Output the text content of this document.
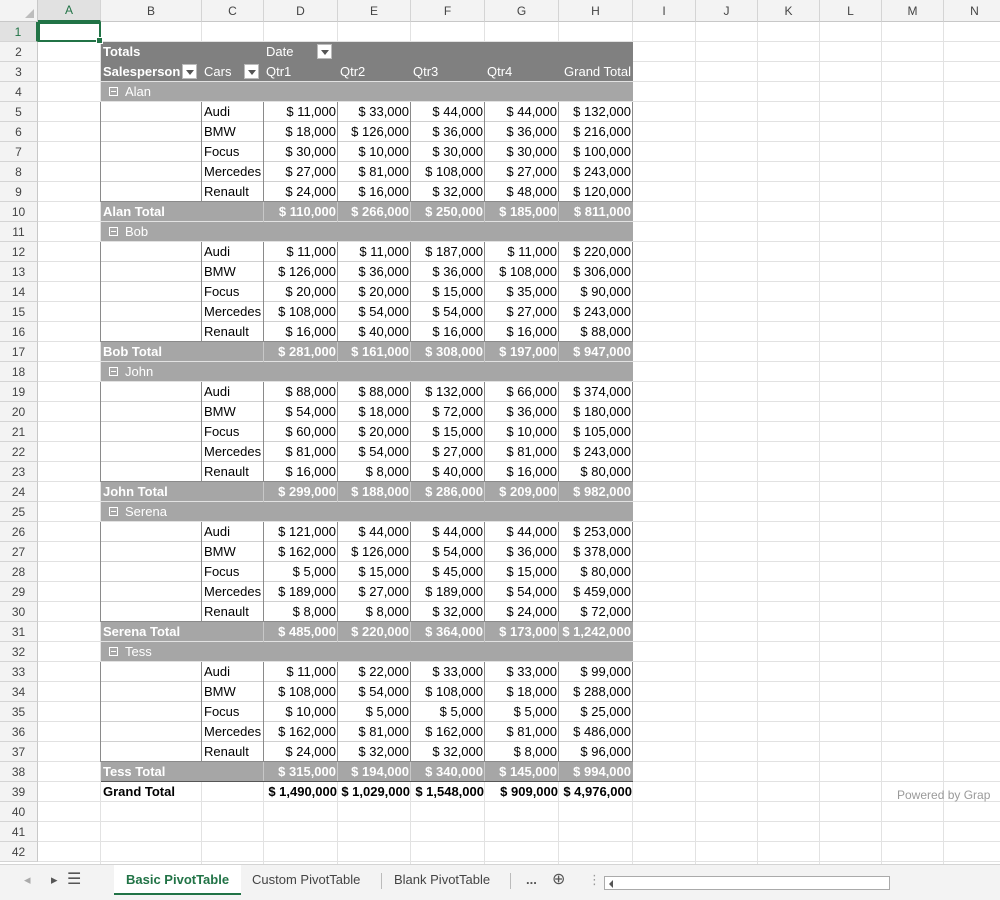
Totals	Date
Salesperson	Cars	Qtr1	Qtr2	Qtr3	Qtr4	Grand Total
Alan
Audi	$ 11,000	$ 33,000	$ 44,000	$ 44,000	$ 132,000
BMW	$ 18,000	$ 126,000	$ 36,000	$ 36,000	$ 216,000
Focus	$ 30,000	$ 10,000	$ 30,000	$ 30,000	$ 100,000
Mercedes	$ 27,000	$ 81,000	$ 108,000	$ 27,000	$ 243,000
Renault	$ 24,000	$ 16,000	$ 32,000	$ 48,000	$ 120,000
Alan Total	$ 110,000	$ 266,000	$ 250,000	$ 185,000	$ 811,000
Bob
Audi	$ 11,000	$ 11,000	$ 187,000	$ 11,000	$ 220,000
BMW	$ 126,000	$ 36,000	$ 36,000	$ 108,000	$ 306,000
Focus	$ 20,000	$ 20,000	$ 15,000	$ 35,000	$ 90,000
Mercedes	$ 108,000	$ 54,000	$ 54,000	$ 27,000	$ 243,000
Renault	$ 16,000	$ 40,000	$ 16,000	$ 16,000	$ 88,000
Bob Total	$ 281,000	$ 161,000	$ 308,000	$ 197,000	$ 947,000
John
Audi	$ 88,000	$ 88,000	$ 132,000	$ 66,000	$ 374,000
BMW	$ 54,000	$ 18,000	$ 72,000	$ 36,000	$ 180,000
Focus	$ 60,000	$ 20,000	$ 15,000	$ 10,000	$ 105,000
Mercedes	$ 81,000	$ 54,000	$ 27,000	$ 81,000	$ 243,000
Renault	$ 16,000	$ 8,000	$ 40,000	$ 16,000	$ 80,000
John Total	$ 299,000	$ 188,000	$ 286,000	$ 209,000	$ 982,000
Serena
Audi	$ 121,000	$ 44,000	$ 44,000	$ 44,000	$ 253,000
BMW	$ 162,000	$ 126,000	$ 54,000	$ 36,000	$ 378,000
Focus	$ 5,000	$ 15,000	$ 45,000	$ 15,000	$ 80,000
Mercedes	$ 189,000	$ 27,000	$ 189,000	$ 54,000	$ 459,000
Renault	$ 8,000	$ 8,000	$ 32,000	$ 24,000	$ 72,000
Serena Total	$ 485,000	$ 220,000	$ 364,000	$ 173,000 $ 1,242,000
Tess
Audi	$ 11,000	$ 22,000	$ 33,000	$ 33,000	$ 99,000
BMW	$ 108,000	$ 54,000	$ 108,000	$ 18,000	$ 288,000
Focus	$ 10,000	$ 5,000	$ 5,000	$ 5,000	$ 25,000
Mercedes	$ 162,000	$ 81,000	$ 162,000	$ 81,000	$ 486,000
Renault	$ 24,000	$ 32,000	$ 32,000	$ 8,000	$ 96,000
Tess Total	$ 315,000	$ 194,000	$ 340,000	$ 145,000	$ 994,000
Grand Total	$ 1,490,000 $ 1,029,000 $ 1,548,000	$ 909,000 $ 4,976,000
A	B	C	D	E	F	G	H	I	J	K	L	M	N
1
2
3
4
5
6
7
8
9
10
11
12
13
14
15
16
17
18
19
20
21
22
23
24
25
26
27
28
29
30
31
32
33
34
35
36
37
38
39
40
41
42
Powered by Grap
◂ ▸ ☰	Basic PivotTable	Custom PivotTable	Blank PivotTable	... ⊕ ⋮
